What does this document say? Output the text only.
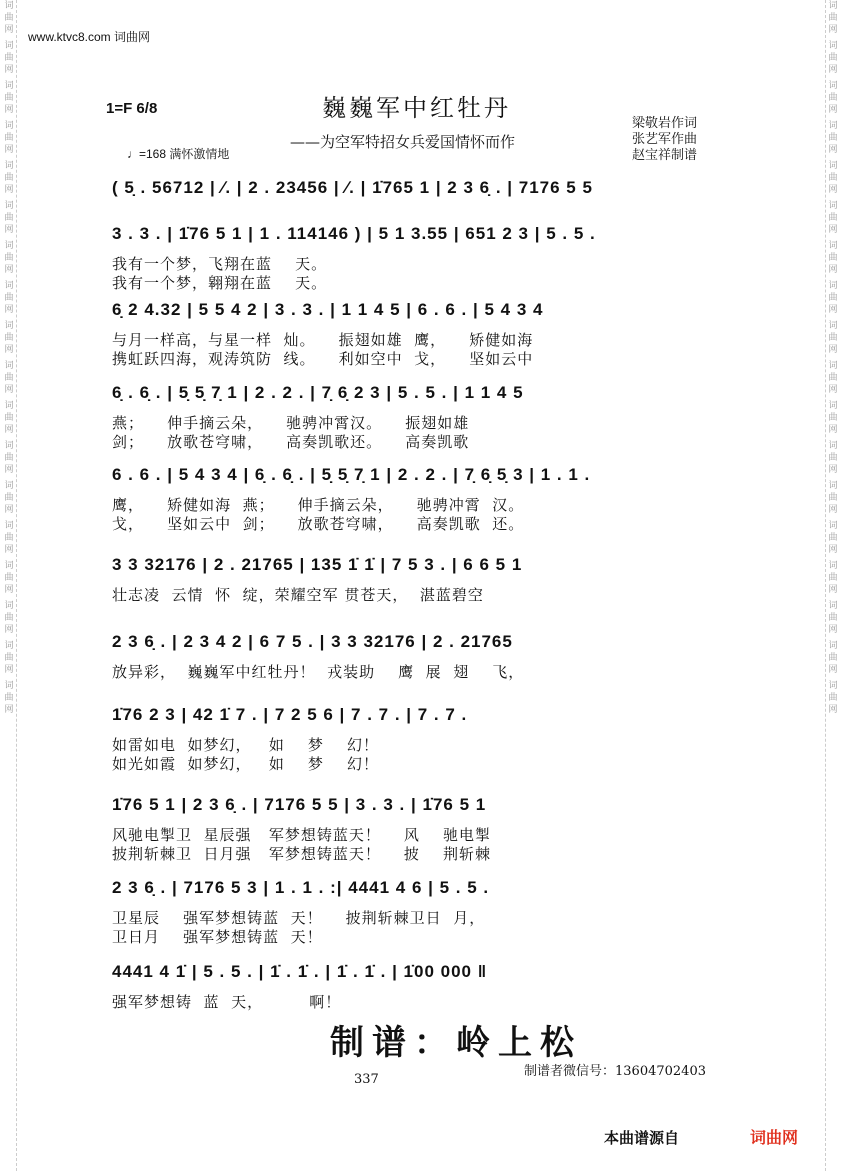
词
曲
网
词
曲
网
词
曲
网
词
曲
网
词
曲
网
词
曲
网
词
曲
网
词
曲
网
词
曲
网
词
曲
网
词
曲
网
词
曲
网
词
曲
网
词
曲
网
词
曲
网
词
曲
网
词
曲
网
词
曲
网
词
曲
网
词
曲
网
词
曲
网
词
曲
网
词
曲
网
词
曲
网
词
曲
网
词
曲
网
词
曲
网
词
曲
网
词
曲
网
词
曲
网
词
曲
网
词
曲
网
词
曲
网
词
曲
网
词
曲
网
词
曲
网
www.ktvc8.com 词曲网
1=F 6/8	巍巍军中红牡丹
——为空军特招女兵爱国情怀而作
梁敬岩作词
张艺军作曲
赵宝祥制谱
♩=168 满怀激情地
( 5̣ . 56712 | ∕. | 2 . 23456 | ∕. | 1̇765 1 | 2 3 6̣ . | 7176 5 5
3 . 3 . | 1̇76 5 1 | 1 . 114146 ) | 5 1 3.55 | 651 2 3 | 5 . 5 .
我有一个梦，飞翔在蓝    天。
我有一个梦，翱翔在蓝    天。
6̣ 2 4.32 | 5 5 4 2 | 3 . 3 . | 1 1 4 5 | 6 . 6 . | 5 4 3 4
与月一样高，与星一样  灿。    振翅如雄  鹰，    矫健如海
携虹跃四海，观涛筑防  线。    利如空中  戈，    坚如云中
6̣ . 6̣ . | 5̣ 5̣ 7̣ 1 | 2 . 2 . | 7̣ 6̣ 2 3 | 5 . 5 . | 1 1 4 5
燕；    伸手摘云朵，    驰骋冲霄汉。    振翅如雄
剑；    放歌苍穹啸，    高奏凯歌还。    高奏凯歌
6 . 6 . | 5 4 3 4 | 6̣ . 6̣ . | 5̣ 5̣ 7̣ 1 | 2 . 2 . | 7̣ 6̣ 5̣ 3 | 1 . 1 .
鹰，    矫健如海  燕；    伸手摘云朵，    驰骋冲霄  汉。
戈，    坚如云中  剑；    放歌苍穹啸，    高奏凯歌  还。
3 3 32176 | 2 . 21765 | 135 1̇ 1̇ | 7 5 3 . | 6 6 5 1
壮志凌  云情  怀  绽，荣耀空军 贯苍天，  湛蓝碧空
2 3 6̣ . | 2 3 4 2 | 6 7 5 . | 3 3 32176 | 2 . 21765
放异彩，  巍巍军中红牡丹！  戎装助    鹰  展  翅    飞，
1̇76 2 3 | 42 1̇ 7 . | 7 2 5 6 | 7 . 7 . | 7 . 7 .
如雷如电  如梦幻，   如    梦    幻！
如光如霞  如梦幻，   如    梦    幻！
1̇76 5 1 | 2 3 6̣ . | 7176 5 5 | 3 . 3 . | 1̇76 5 1
风驰电掣卫  星辰强   军梦想铸蓝天！    风    驰电掣
披荆斩棘卫  日月强   军梦想铸蓝天！    披    荆斩棘
2 3 6̣ . | 7176 5 3 | 1 . 1 . :| 4441 4 6 | 5 . 5 .
卫星辰    强军梦想铸蓝  天！    披荆斩棘卫日  月，
卫日月    强军梦想铸蓝  天！
4441 4 1̇ | 5 . 5 . | 1̇ . 1̇ . | 1̇ . 1̇ . | 1̇00 000 ‖
强军梦想铸  蓝  天，        啊！
制谱：岭上松
337
制谱者微信号：13604702403
本曲谱源自	词曲网
